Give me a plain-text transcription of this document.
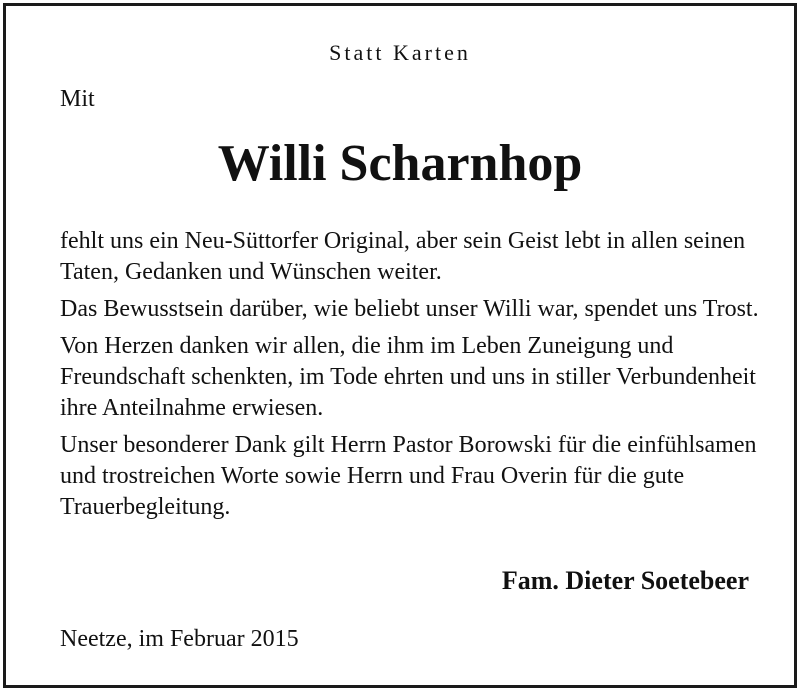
Statt Karten
Mit
Willi Scharnhop

fehlt uns ein Neu-Süttorfer Original, aber sein Geist lebt in allen seinen Taten, Gedanken und Wünschen weiter.

Das Bewusstsein darüber, wie beliebt unser Willi war, spendet uns Trost.

Von Herzen danken wir allen, die ihm im Leben Zuneigung und Freundschaft schenkten, im Tode ehrten und uns in stiller Verbundenheit ihre Anteilnahme erwiesen.

Unser besonderer Dank gilt Herrn Pastor Borowski für die einfühlsamen und trostreichen Worte sowie Herrn und Frau Overin für die gute Trauerbegleitung.

Fam. Dieter Soetebeer
Neetze, im Februar 2015
